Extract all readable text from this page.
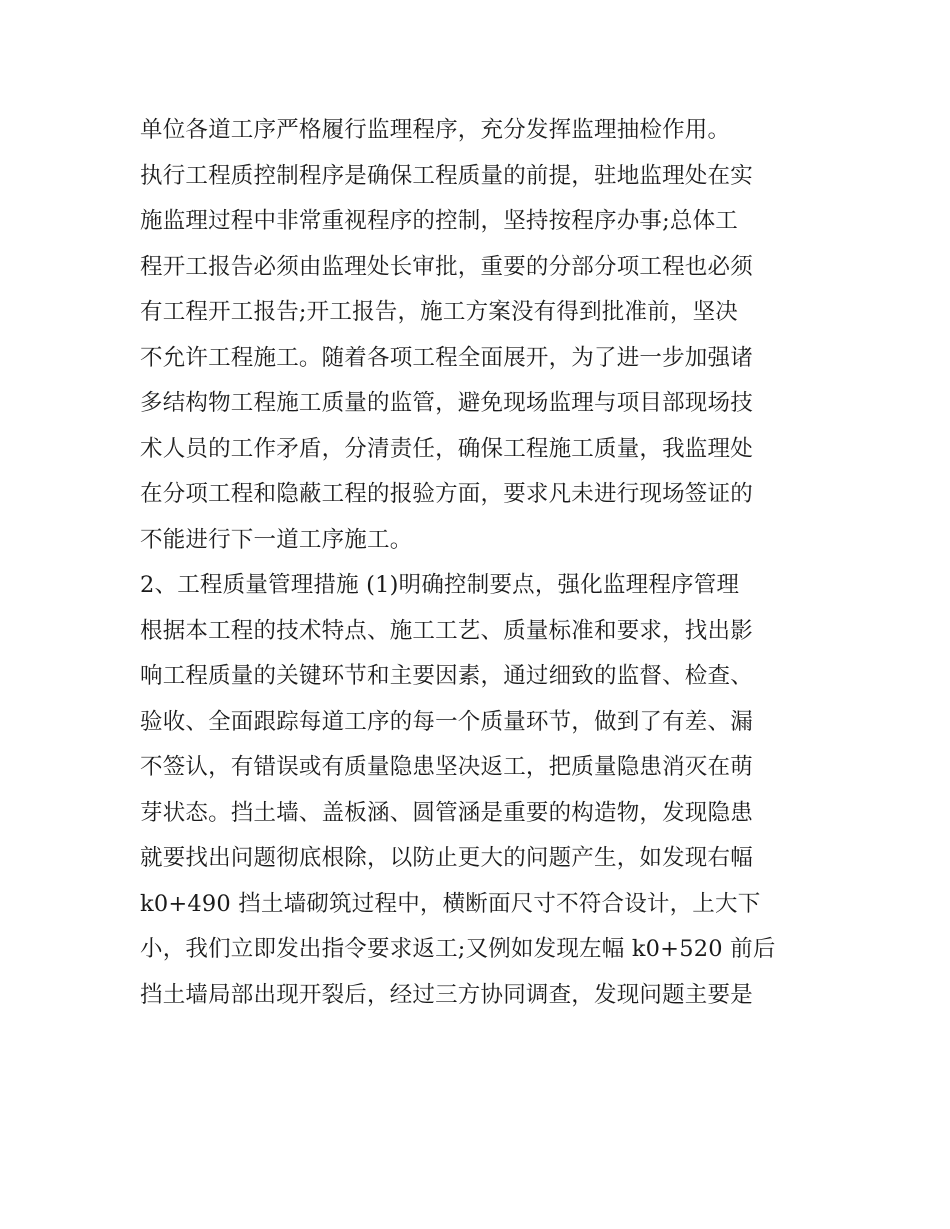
单位各道工序严格履行监理程序，充分发挥监理抽检作用。
执行工程质控制程序是确保工程质量的前提，驻地监理处在实
施监理过程中非常重视程序的控制，坚持按程序办事;总体工
程开工报告必须由监理处长审批，重要的分部分项工程也必须
有工程开工报告;开工报告，施工方案没有得到批准前，坚决
不允许工程施工。随着各项工程全面展开，为了进一步加强诸
多结构物工程施工质量的监管，避免现场监理与项目部现场技
术人员的工作矛盾，分清责任，确保工程施工质量，我监理处
在分项工程和隐蔽工程的报验方面，要求凡未进行现场签证的
不能进行下一道工序施工。
2、工程质量管理措施 (1)明确控制要点，强化监理程序管理
根据本工程的技术特点、施工工艺、质量标准和要求，找出影
响工程质量的关键环节和主要因素，通过细致的监督、检查、
验收、全面跟踪每道工序的每一个质量环节，做到了有差、漏
不签认，有错误或有质量隐患坚决返工，把质量隐患消灭在萌
芽状态。挡土墙、盖板涵、圆管涵是重要的构造物，发现隐患
就要找出问题彻底根除，以防止更大的问题产生，如发现右幅
k0+490 挡土墙砌筑过程中，横断面尺寸不符合设计，上大下
小，我们立即发出指令要求返工;又例如发现左幅 k0+520 前后
挡土墙局部出现开裂后，经过三方协同调查，发现问题主要是
